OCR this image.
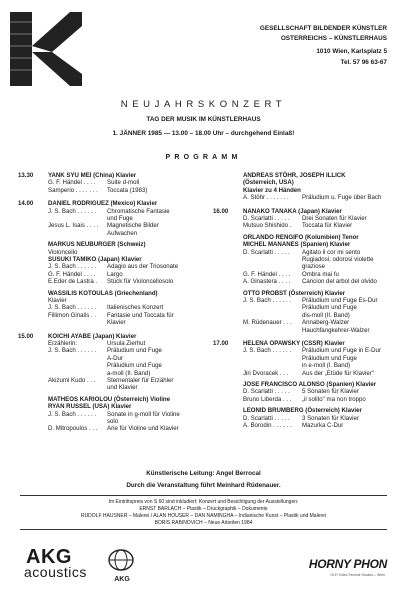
GESELLSCHAFT BILDENDER KÜNSTLER
OSTERREICHS – KÜNSTLERHAUS
1010 Wien, Karlsplatz 5
Tel. 57 96 63-67
NEUJAHRSKONZERT
TAG DER MUSIK IM KÜNSTLERHAUS
1. JÄNNER 1985 — 13.00 – 18.00 Uhr – durchgehend Einlaß!
PROGRAMM
13.30 YANK SYU MEI (China) Klavier
G. F. Händel . . . .	Suite d-moll
Samperio . . . . . . .	Toccata (1983)
14.00 DANIEL RODRIGUEZ (Mexico) Klavier
J. S. Bach . . . . . .	Chromatische Fantasie
und Fuge
Jesus L. Isais . . . .	Magnetische Bilder
Aufwachen
MARKUS NEUBURGER (Schweiz)
Violoncello
SUSUKI TAMIKO (Japan) Klavier
J. S. Bach . . . . . .	Adagio aus der Triosonate
G. F. Händel . . . .	Largo
E.Eder de Lastra .	Stück für Violoncellosolo
WASSILIS KOTOULAS (Griechenland)
Klavier
J. S. Bach . . . . . .	Italienisches Konzert
Fillimon Ginalis . .	Fantasie und Toccata für
Klavier
15.00 KOICHI AYABE (Japan) Klavier
Erzählerin:	Ursula Zierhut
J. S. Bach . . . . . .	Präludium und Fuge
A-Dur
Präludium und Fuge
a-moll (II. Band)
Akizumi Kudo . . .	Sternentaler für Erzähler
und Klavier
MATHEOS KARIOLOU (Österreich) Violine
RYAN RUSSEL (USA) Klavier
J. S. Bach . . . . . .	Sonate in g-moll für Violine
solo
D. Mitropoulos . . .	Arie für Violine und Klavier
ANDREAS STÖHR, JOSEPH ILLICK
(Österreich, USA)
Klavier zu 4 Händen
A. Stöhr . . . . . . .	Präludium u. Fuge über Bach
16.00 NANAKO TANAKA (Japan) Klavier
D. Scarlatti . . . . .	Drei Sonaten für Klavier
Mutsuo Shishido .	Toccata für Klavier
ORLANDO RENGIFO (Kolumbien) Tenor
MICHEL MANANES (Spanien) Klavier
D. Scarlatti . . . . .	Agitato il cor mi sento
Rugiadosi, odorosi violette
graziose
G. F. Händel . . . .	Ombra mai fu
A. Ginastera . . . .	Cancion del arbol del olvido
OTTO PROBST (Österreich) Klavier
J. S. Bach . . . . . .	Präludium und Fuge Es-Dur
Präludium und Fuge
dis-moll (II. Band)
M. Rüdenauer . . .	Annaberg-Walzer
Hauchfangkehrer-Walzer
17.00 HELENA OPAWSKY (CSSR) Klavier
J. S. Bach . . . . . .	Präludium und Fuge in E-Dur
Präludium und Fuge
in e-moll (I. Band)
Jiri Dvoracek . . .	Aus der „Etüde für Klavier"
JOSE FRANCISCO ALONSO (Spanien) Klavier
D. Scarlatti . . . . .	5 Sonaten für Klavier
Bruno Liberda . . .	„il solito" ma non troppo
LEONID BRUMBERG (Österreich) Klavier
D. Scarlatti . . . . .	3 Sonaten für Klavier
A. Borodin . . . . . .	Mazurka C-Dur
Künstlerische Leitung: Angel Berrocal
Durch die Veranstaltung führt Meinhard Rüdenauer.
Im Eintrittspreis von S 60 sind inkludiert: Konzert und Besichtigung der Ausstellungen:
ERNST BARLACH – Plastik – Druckgraphik – Dokumente
RUDOLF HAUSNER – Malerei / ALAN HOUSER – DAN NAMINGHA – Indianische Kunst – Plastik und Malerei
BORIS RABINOVICH – Neue Arbeiten 1984
AKG
acoustics	AKG
HORNY PHON
Hi-Fi Video Technik Studios – Wien
